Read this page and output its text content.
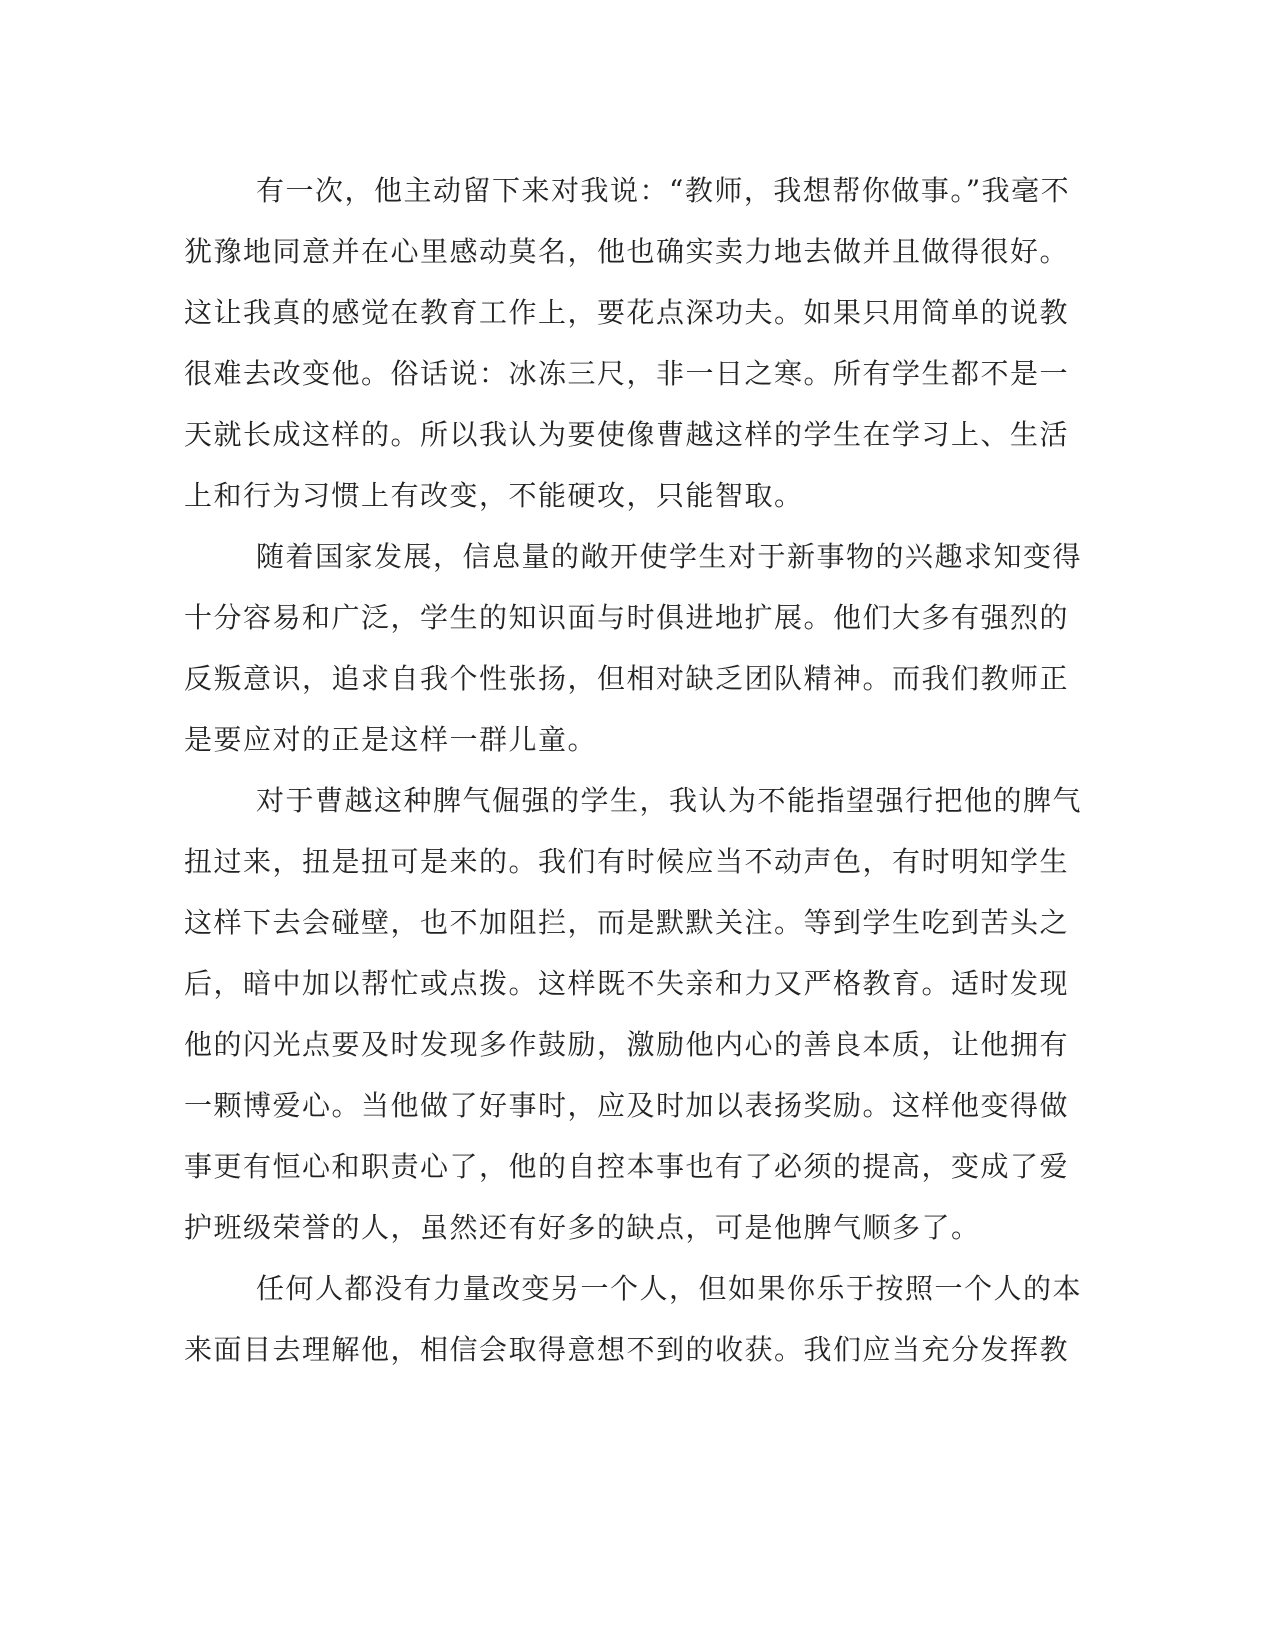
有一次，他主动留下来对我说：“教师，我想帮你做事。”我毫不
犹豫地同意并在心里感动莫名，他也确实卖力地去做并且做得很好。
这让我真的感觉在教育工作上，要花点深功夫。如果只用简单的说教
很难去改变他。俗话说：冰冻三尺，非一日之寒。所有学生都不是一
天就长成这样的。所以我认为要使像曹越这样的学生在学习上、生活
上和行为习惯上有改变，不能硬攻，只能智取。
随着国家发展，信息量的敞开使学生对于新事物的兴趣求知变得
十分容易和广泛，学生的知识面与时俱进地扩展。他们大多有强烈的
反叛意识，追求自我个性张扬，但相对缺乏团队精神。而我们教师正
是要应对的正是这样一群儿童。
对于曹越这种脾气倔强的学生，我认为不能指望强行把他的脾气
扭过来，扭是扭可是来的。我们有时候应当不动声色，有时明知学生
这样下去会碰壁，也不加阻拦，而是默默关注。等到学生吃到苦头之
后，暗中加以帮忙或点拨。这样既不失亲和力又严格教育。适时发现
他的闪光点要及时发现多作鼓励，激励他内心的善良本质，让他拥有
一颗博爱心。当他做了好事时，应及时加以表扬奖励。这样他变得做
事更有恒心和职责心了，他的自控本事也有了必须的提高，变成了爱
护班级荣誉的人，虽然还有好多的缺点，可是他脾气顺多了。
任何人都没有力量改变另一个人，但如果你乐于按照一个人的本
来面目去理解他，相信会取得意想不到的收获。我们应当充分发挥教
